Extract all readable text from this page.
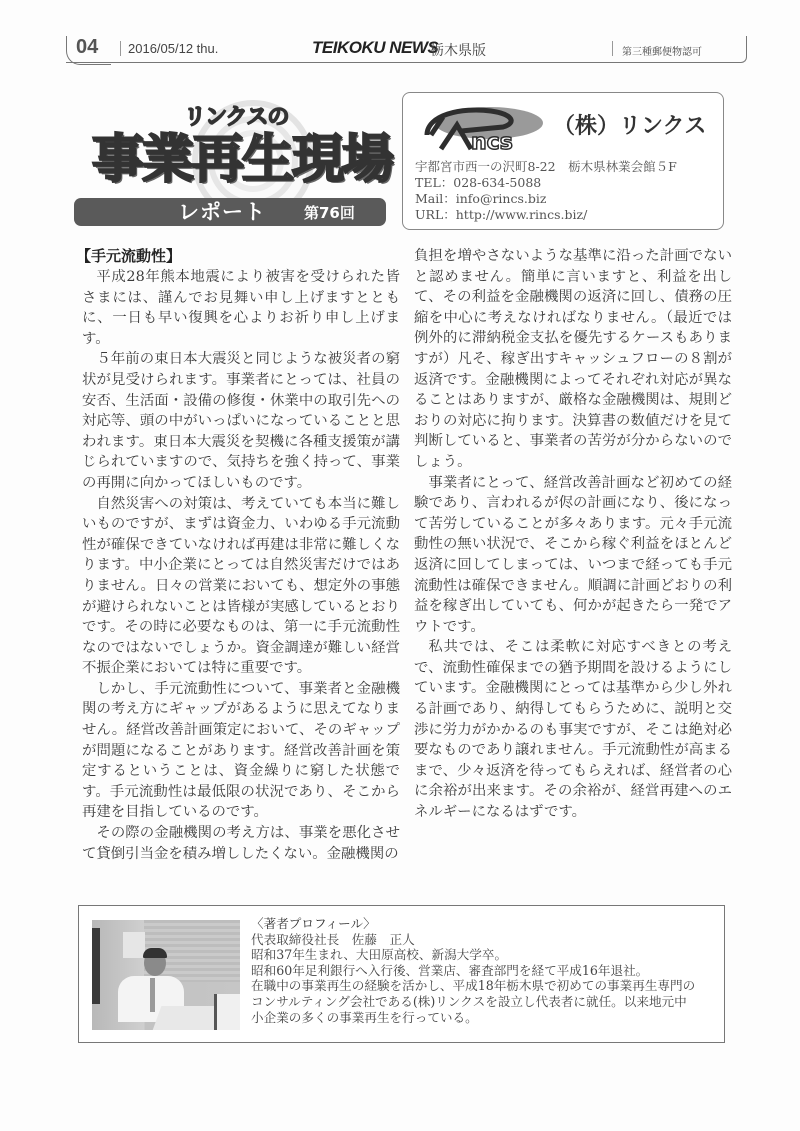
04 2016/05/12 thu.	TEIKOKU NEWS
栃木県版	第三種郵便物認可
リンクスの
事業再生現場
レポート	第76回
ncs
（株）リンクス
宇都宮市西一の沢町8-22　栃木県林業会館５F
TEL：028-634-5088
Mail：info@rincs.biz
URL：http://www.rincs.biz/
【手元流動性】

平成28年熊本地震により被害を受けられた皆さまには、謹んでお見舞い申し上げますとともに、一日も早い復興を心よりお祈り申し上げます。

５年前の東日本大震災と同じような被災者の窮状が見受けられます。事業者にとっては、社員の安否、生活面・設備の修復・休業中の取引先への対応等、頭の中がいっぱいになっていることと思われます。東日本大震災を契機に各種支援策が講じられていますので、気持ちを強く持って、事業の再開に向かってほしいものです。

自然災害への対策は、考えていても本当に難しいものですが、まずは資金力、いわゆる手元流動性が確保できていなければ再建は非常に難しくなります。中小企業にとっては自然災害だけではありません。日々の営業においても、想定外の事態が避けられないことは皆様が実感しているとおりです。その時に必要なものは、第一に手元流動性なのではないでしょうか。資金調達が難しい経営不振企業においては特に重要です。

しかし、手元流動性について、事業者と金融機関の考え方にギャップがあるように思えてなりません。経営改善計画策定において、そのギャップが問題になることがあります。経営改善計画を策定するということは、資金繰りに窮した状態です。手元流動性は最低限の状況であり、そこから再建を目指しているのです。

その際の金融機関の考え方は、事業を悪化させて貸倒引当金を積み増ししたくない。金融機関の

負担を増やさないような基準に沿った計画でないと認めません。簡単に言いますと、利益を出して、その利益を金融機関の返済に回し、債務の圧縮を中心に考えなければなりません。（最近では例外的に滞納税金支払を優先するケースもありますが）凡そ、稼ぎ出すキャッシュフローの８割が返済です。金融機関によってそれぞれ対応が異なることはありますが、厳格な金融機関は、規則どおりの対応に拘ります。決算書の数値だけを見て判断していると、事業者の苦労が分からないのでしょう。

事業者にとって、経営改善計画など初めての経験であり、言われるが侭の計画になり、後になって苦労していることが多々あります。元々手元流動性の無い状況で、そこから稼ぐ利益をほとんど返済に回してしまっては、いつまで経っても手元流動性は確保できません。順調に計画どおりの利益を稼ぎ出していても、何かが起きたら一発でアウトです。

私共では、そこは柔軟に対応すべきとの考えで、流動性確保までの猶予期間を設けるようにしています。金融機関にとっては基準から少し外れる計画であり、納得してもらうために、説明と交渉に労力がかかるのも事実ですが、そこは絶対必要なものであり譲れません。手元流動性が高まるまで、少々返済を待ってもらえれば、経営者の心に余裕が出来ます。その余裕が、経営再建へのエネルギーになるはずです。

〈著者プロフィール〉
代表取締役社長　佐藤　正人
昭和37年生まれ、大田原高校、新潟大学卒。
昭和60年足利銀行へ入行後、営業店、審査部門を経て平成16年退社。
在職中の事業再生の経験を活かし、平成18年栃木県で初めての事業再生専門の
コンサルティング会社である(株)リンクスを設立し代表者に就任。以来地元中
小企業の多くの事業再生を行っている。
